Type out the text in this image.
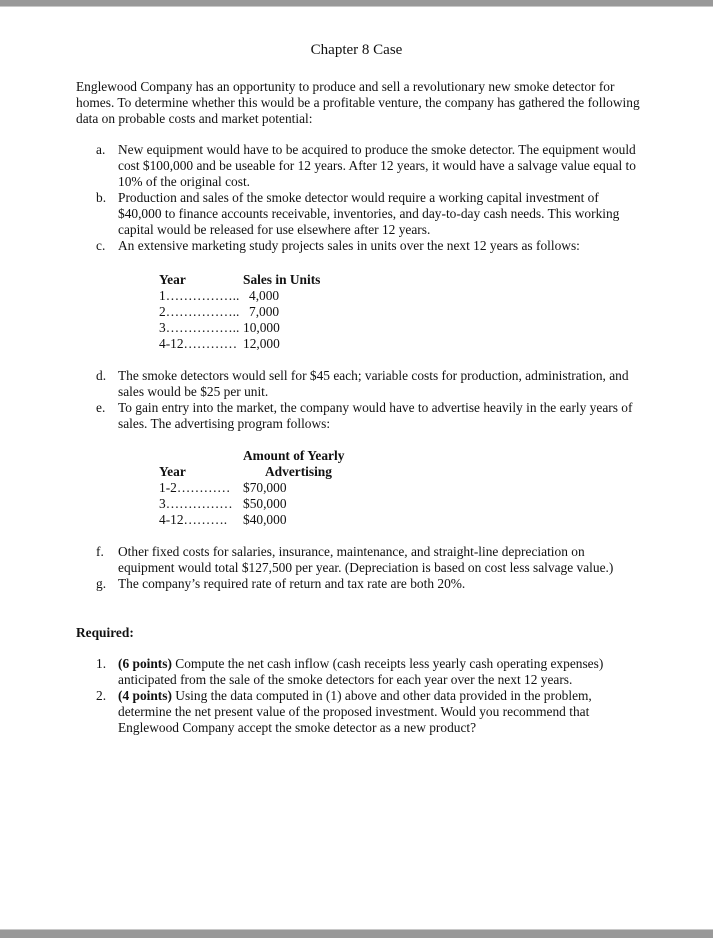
Chapter 8 Case
Englewood Company has an opportunity to produce and sell a revolutionary new smoke detector for homes. To determine whether this would be a profitable venture, the company has gathered the following data on probable costs and market potential:
a. New equipment would have to be acquired to produce the smoke detector. The equipment would cost $100,000 and be useable for 12 years. After 12 years, it would have a salvage value equal to 10% of the original cost.
b. Production and sales of the smoke detector would require a working capital investment of $40,000 to finance accounts receivable, inventories, and day-to-day cash needs. This working capital would be released for use elsewhere after 12 years.
c. An extensive marketing study projects sales in units over the next 12 years as follows:
Year	Sales in Units
1…………….. 4,000
2…………….. 7,000
3…………….. 10,000
4-12………… 12,000
d. The smoke detectors would sell for $45 each; variable costs for production, administration, and sales would be $25 per unit.
e. To gain entry into the market, the company would have to advertise heavily in the early years of sales. The advertising program follows:
Amount of Yearly
Year	Advertising
1-2………… $70,000
3…………… $50,000
4-12………. $40,000
f. Other fixed costs for salaries, insurance, maintenance, and straight-line depreciation on equipment would total $127,500 per year. (Depreciation is based on cost less salvage value.)
g. The company’s required rate of return and tax rate are both 20%.
Required:
1. (6 points) Compute the net cash inflow (cash receipts less yearly cash operating expenses) anticipated from the sale of the smoke detectors for each year over the next 12 years.
2. (4 points) Using the data computed in (1) above and other data provided in the problem, determine the net present value of the proposed investment. Would you recommend that Englewood Company accept the smoke detector as a new product?
